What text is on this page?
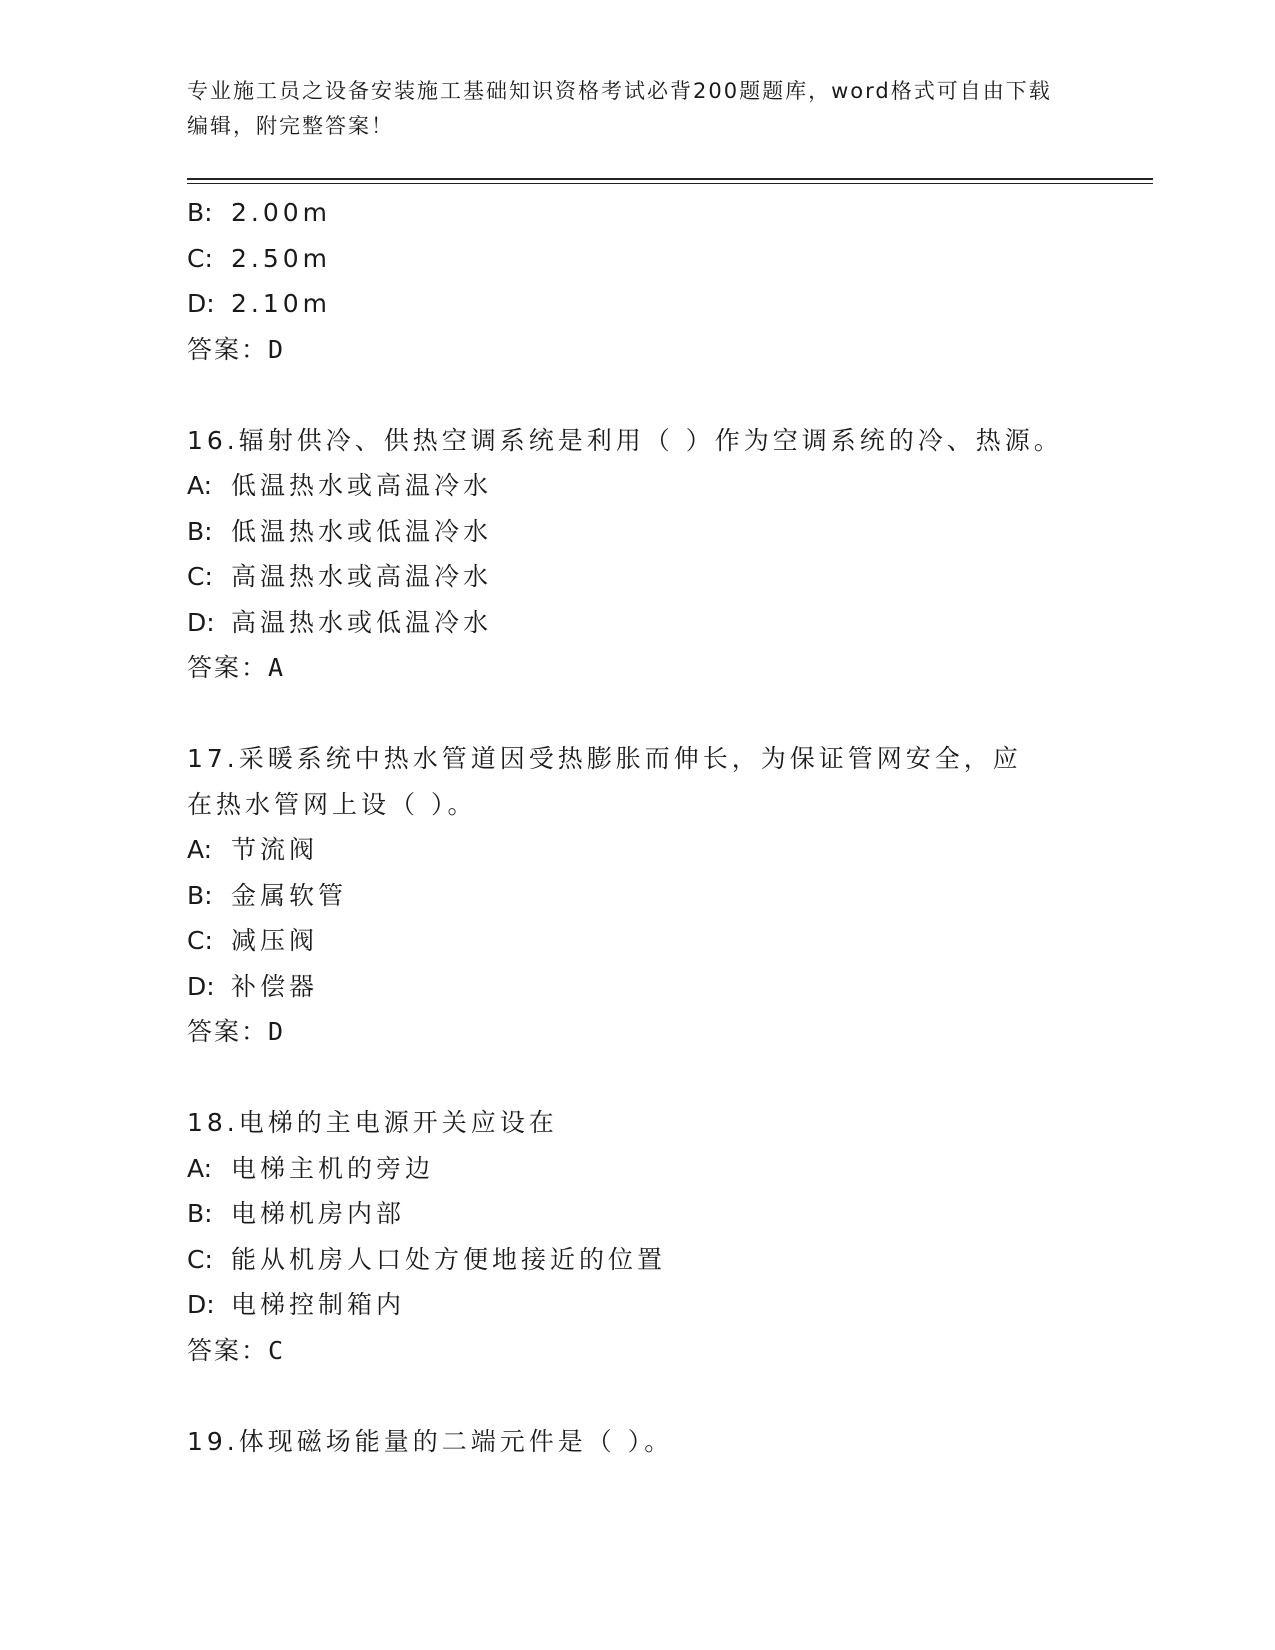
专业施工员之设备安装施工基础知识资格考试必背200题题库，word格式可自由下载编辑，附完整答案！
B: 2.00m
C: 2.50m
D: 2.10m
答案：D
16.辐射供冷、供热空调系统是利用（ ）作为空调系统的冷、热源。
A: 低温热水或高温冷水
B: 低温热水或低温冷水
C: 高温热水或高温冷水
D: 高温热水或低温冷水
答案：A
17.采暖系统中热水管道因受热膨胀而伸长，为保证管网安全，应在热水管网上设（ ）。
A: 节流阀
B: 金属软管
C: 减压阀
D: 补偿器
答案：D
18.电梯的主电源开关应设在
A: 电梯主机的旁边
B: 电梯机房内部
C: 能从机房人口处方便地接近的位置
D: 电梯控制箱内
答案：C
19.体现磁场能量的二端元件是（ ）。
